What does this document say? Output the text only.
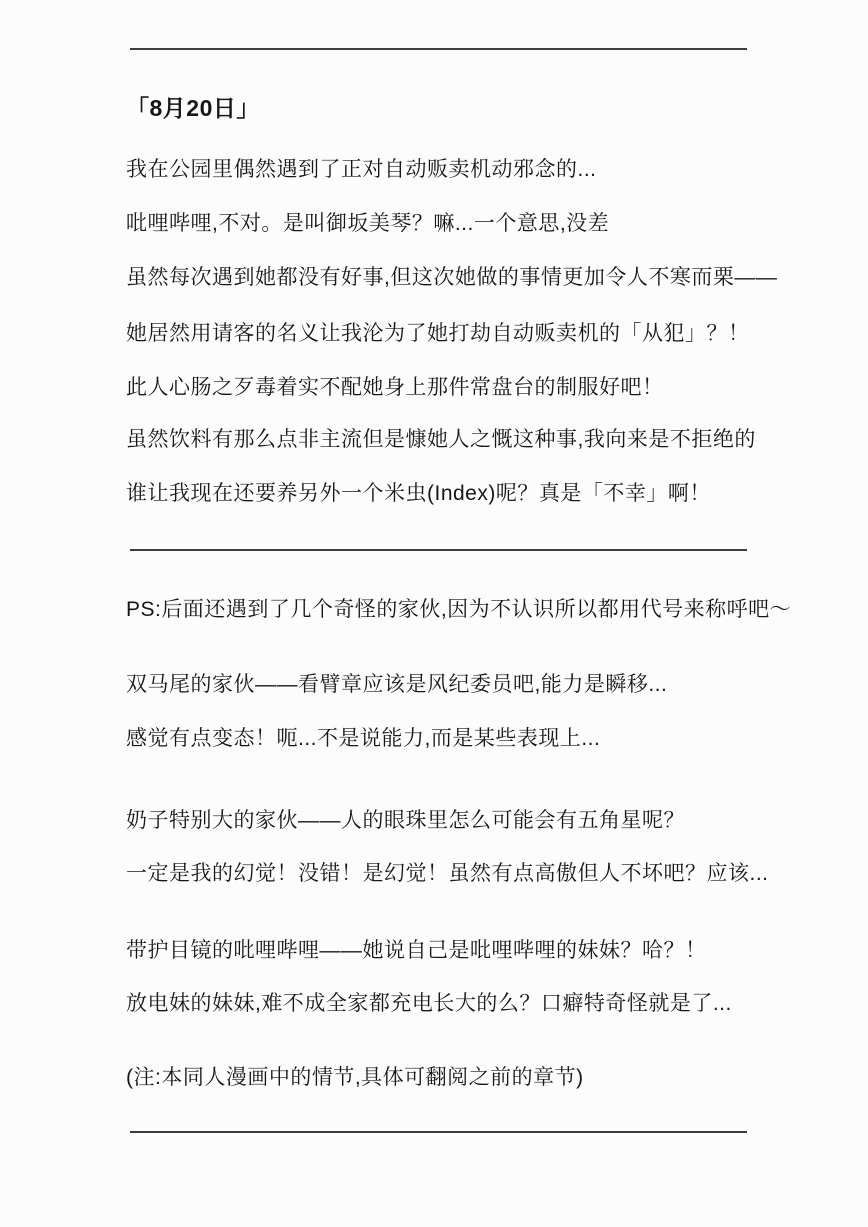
「8月20日」

我在公园里偶然遇到了正对自动贩卖机动邪念的...

吡哩哔哩,不对。是叫御坂美琴？嘛...一个意思,没差

虽然每次遇到她都没有好事,但这次她做的事情更加令人不寒而栗——

她居然用请客的名义让我沦为了她打劫自动贩卖机的「从犯」？！

此人心肠之歹毒着实不配她身上那件常盘台的制服好吧！

虽然饮料有那么点非主流但是慷她人之慨这种事,我向来是不拒绝的

谁让我现在还要养另外一个米虫(Index)呢？真是「不幸」啊！

PS:后面还遇到了几个奇怪的家伙,因为不认识所以都用代号来称呼吧～

双马尾的家伙——看臂章应该是风纪委员吧,能力是瞬移...

感觉有点变态！呃...不是说能力,而是某些表现上...

奶子特别大的家伙——人的眼珠里怎么可能会有五角星呢？

一定是我的幻觉！没错！是幻觉！虽然有点高傲但人不坏吧？应该...

带护目镜的吡哩哔哩——她说自己是吡哩哔哩的妹妹？哈？！

放电妹的妹妹,难不成全家都充电长大的么？口癖特奇怪就是了...

(注:本同人漫画中的情节,具体可翻阅之前的章节)
